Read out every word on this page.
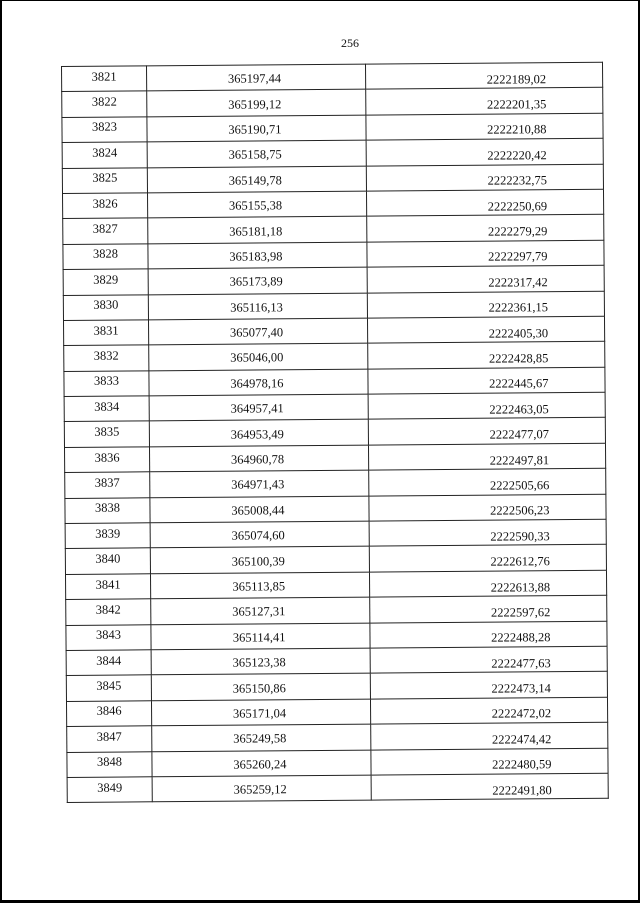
256
3821	365197,44	2222189,02
3822	365199,12	2222201,35
3823	365190,71	2222210,88
3824	365158,75	2222220,42
3825	365149,78	2222232,75
3826	365155,38	2222250,69
3827	365181,18	2222279,29
3828	365183,98	2222297,79
3829	365173,89	2222317,42
3830	365116,13	2222361,15
3831	365077,40	2222405,30
3832	365046,00	2222428,85
3833	364978,16	2222445,67
3834	364957,41	2222463,05
3835	364953,49	2222477,07
3836	364960,78	2222497,81
3837	364971,43	2222505,66
3838	365008,44	2222506,23
3839	365074,60	2222590,33
3840	365100,39	2222612,76
3841	365113,85	2222613,88
3842	365127,31	2222597,62
3843	365114,41	2222488,28
3844	365123,38	2222477,63
3845	365150,86	2222473,14
3846	365171,04	2222472,02
3847	365249,58	2222474,42
3848	365260,24	2222480,59
3849	365259,12	2222491,80
